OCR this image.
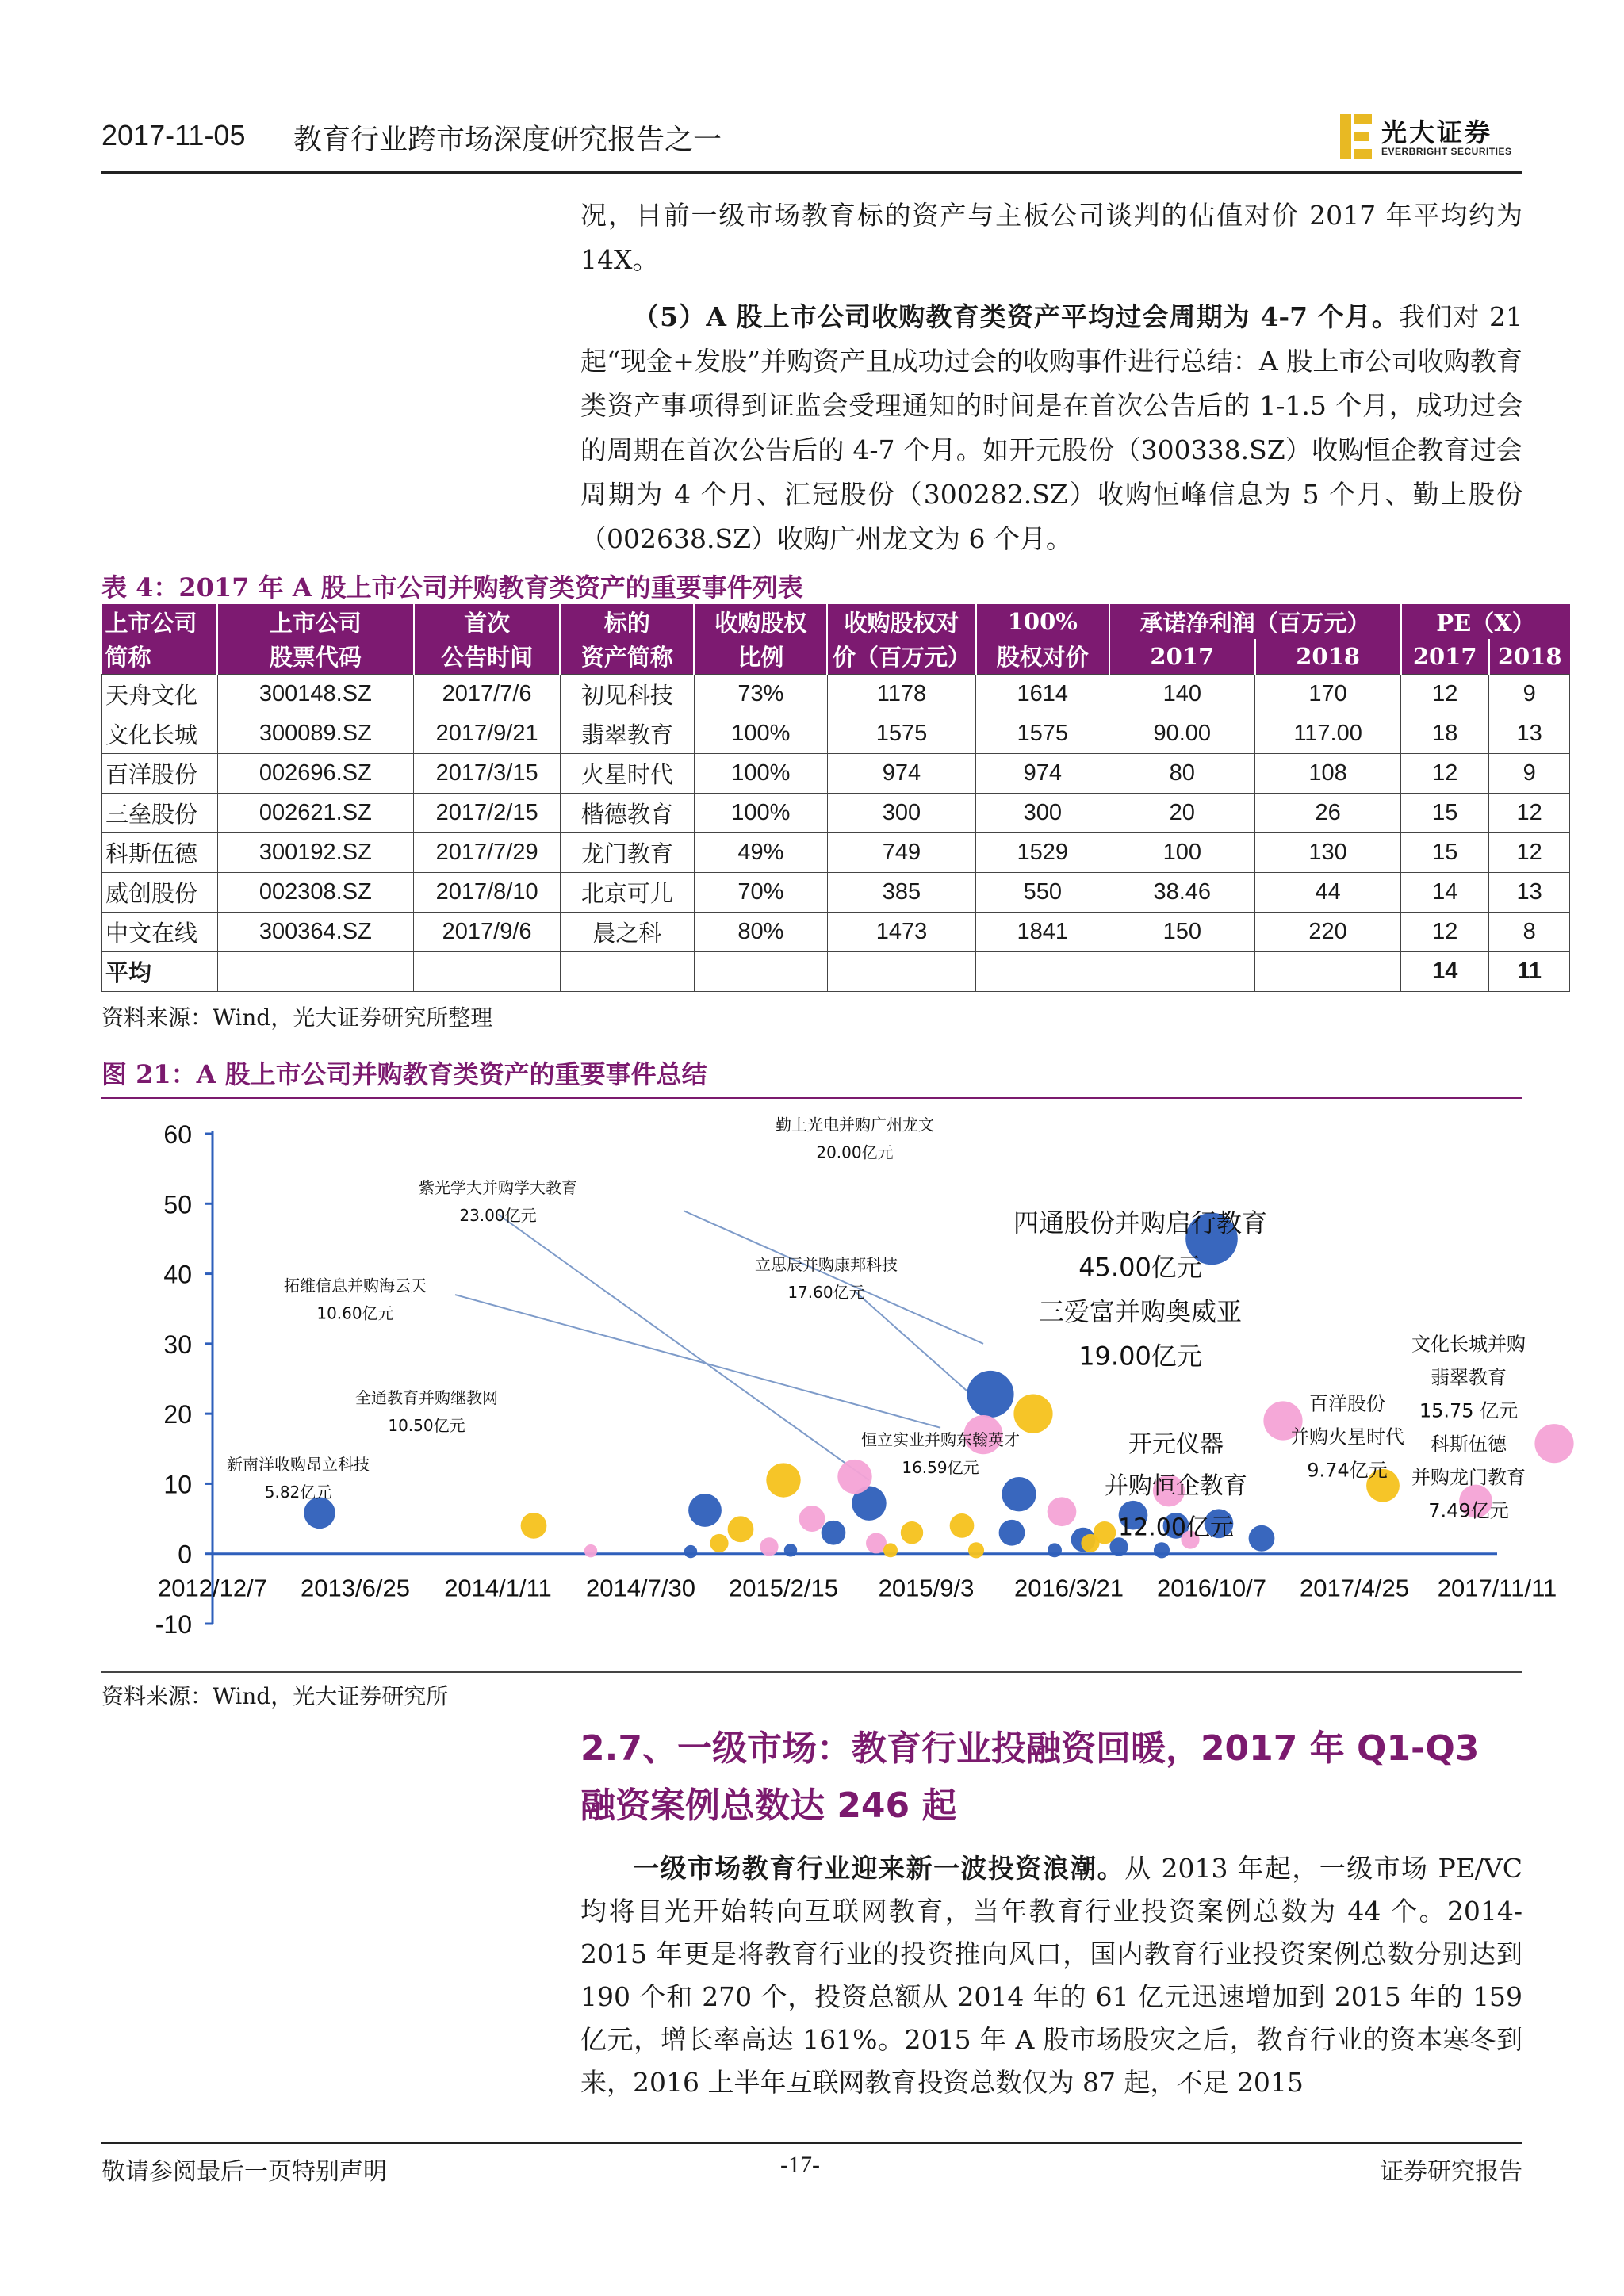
2017-11-05 教育行业跨市场深度研究报告之一	光大证券
EVERBRIGHT SECURITIES

况，目前一级市场教育标的资产与主板公司谈判的估值对价 2017 年平均约为 14X。

（5）A 股上市公司收购教育类资产平均过会周期为 4-7 个月。我们对 21 起“现金+发股”并购资产且成功过会的收购事件进行总结：A 股上市公司收购教育类资产事项得到证监会受理通知的时间是在首次公告后的 1-1.5 个月，成功过会的周期在首次公告后的 4-7 个月。如开元股份（300338.SZ）收购恒企教育过会周期为 4 个月、汇冠股份（300282.SZ）收购恒峰信息为 5 个月、勤上股份（002638.SZ）收购广州龙文为 6 个月。

表 4：2017 年 A 股上市公司并购教育类资产的重要事件列表
上市公司	上市公司	首次	标的	收购股权	收购股权对	100%	承诺净利润（百万元）		PE（X）	
简称	股票代码	公告时间	资产简称	比例	价（百万元）	股权对价	2017	2018	2017	2018
天舟文化	300148.SZ	2017/7/6	初见科技	73%	1178	1614	140	170	12	9
文化长城	300089.SZ	2017/9/21	翡翠教育	100%	1575	1575	90.00	117.00	18	13
百洋股份	002696.SZ	2017/3/15	火星时代	100%	974	974	80	108	12	9
三垒股份	002621.SZ	2017/2/15	楷德教育	100%	300	300	20	26	15	12
科斯伍德	300192.SZ	2017/7/29	龙门教育	49%	749	1529	100	130	15	12
威创股份	002308.SZ	2017/8/10	北京可儿	70%	385	550	38.46	44	14	13
中文在线	300364.SZ	2017/9/6	晨之科	80%	1473	1841	150	220	12	8
平均									14	11
资料来源：Wind，光大证券研究所整理
图 21：A 股上市公司并购教育类资产的重要事件总结
-10
0
10
20
30
40
50
60
2012/12/7 2013/6/25 2014/1/11 2014/7/30 2015/2/15 2015/9/3 2016/3/21 2016/10/7 2017/4/25 2017/11/11
勤上光电并购广州龙文
20.00亿元
紫光学大并购学大教育
23.00亿元
立思辰并购康邦科技
17.60亿元
拓维信息并购海云天
10.60亿元
全通教育并购继教网
10.50亿元
新南洋收购昂立科技
5.82亿元
四通股份并购启行教育
45.00亿元
三爱富并购奥威亚
19.00亿元
恒立实业并购东翰英才
16.59亿元
开元仪器
并购恒企教育
12.00亿元
百洋股份
并购火星时代
9.74亿元
文化长城并购
翡翠教育
15.75 亿元
科斯伍德
并购龙门教育
7.49亿元
资料来源：Wind，光大证券研究所
2.7、一级市场：教育行业投融资回暖，2017 年 Q1-Q3 融资案例总数达 246 起

一级市场教育行业迎来新一波投资浪潮。从 2013 年起，一级市场 PE/VC 均将目光开始转向互联网教育，当年教育行业投资案例总数为 44 个。2014-2015 年更是将教育行业的投资推向风口，国内教育行业投资案例总数分别达到 190 个和 270 个，投资总额从 2014 年的 61 亿元迅速增加到 2015 年的 159 亿元，增长率高达 161%。2015 年 A 股市场股灾之后，教育行业的资本寒冬到来，2016 上半年互联网教育投资总数仅为 87 起，不足 2015

敬请参阅最后一页特别声明	-17-	证券研究报告
